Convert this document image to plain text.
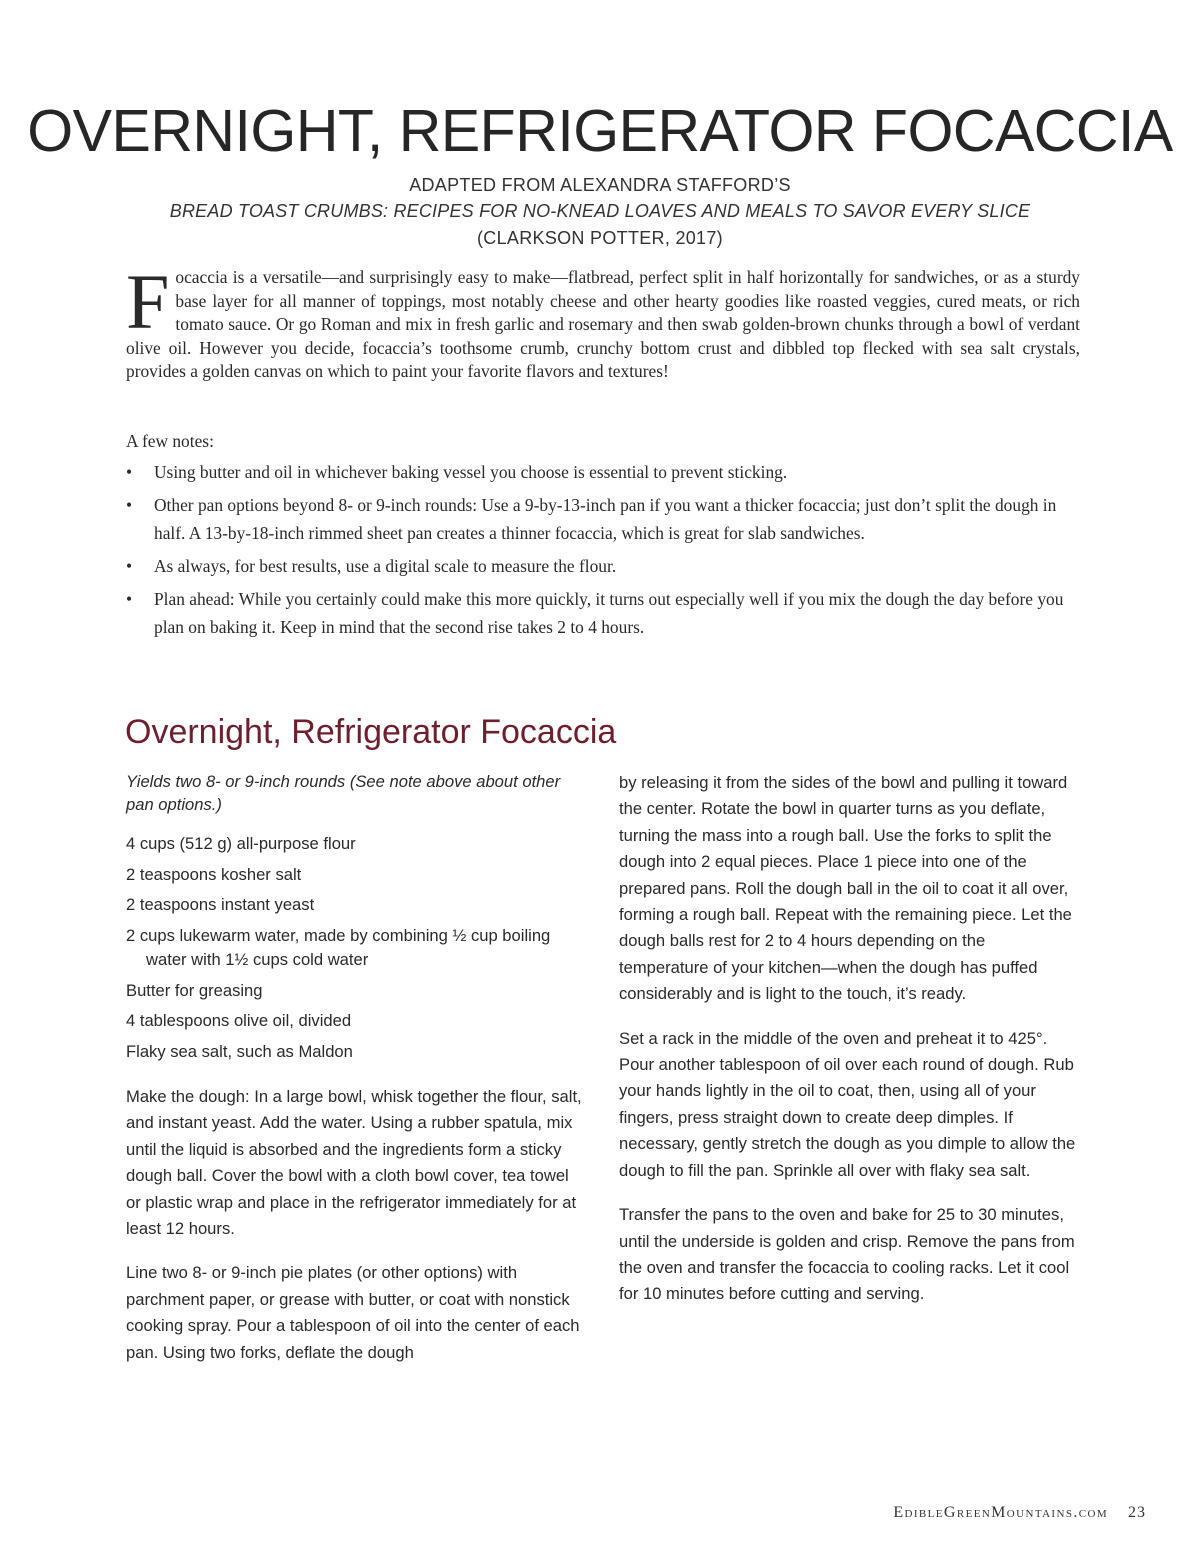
OVERNIGHT, REFRIGERATOR FOCACCIA

ADAPTED FROM ALEXANDRA STAFFORD’S

BREAD TOAST CRUMBS: RECIPES FOR NO-KNEAD LOAVES AND MEALS TO SAVOR EVERY SLICE

(CLARKSON POTTER, 2017)

F ocaccia is a versatile—and surprisingly easy to make—flatbread, perfect split in half horizontally for sandwiches, or as a sturdy base layer for all manner of toppings, most notably cheese and other hearty goodies like roasted veggies, cured meats, or rich tomato sauce. Or go Roman and mix in fresh garlic and rosemary and then swab golden-brown chunks through a bowl of verdant olive oil. However you decide, focaccia’s toothsome crumb, crunchy bottom crust and dibbled top flecked with sea salt crystals, provides a golden canvas on which to paint your favorite flavors and textures!

A few notes:

• Using butter and oil in whichever baking vessel you choose is essential to prevent sticking.
• Other pan options beyond 8- or 9-inch rounds: Use a 9-by-13-inch pan if you want a thicker focaccia; just don’t split the dough in half. A 13-by-18-inch rimmed sheet pan creates a thinner focaccia, which is great for slab sandwiches.
• As always, for best results, use a digital scale to measure the flour.
• Plan ahead: While you certainly could make this more quickly, it turns out especially well if you mix the dough the day before you plan on baking it. Keep in mind that the second rise takes 2 to 4 hours.
Overnight, Refrigerator Focaccia

Yields two 8- or 9-inch rounds (See note above about other pan options.)

4 cups (512 g) all-purpose flour

2 teaspoons kosher salt

2 teaspoons instant yeast

2 cups lukewarm water, made by combining ½ cup boiling water with 1½ cups cold water

Butter for greasing

4 tablespoons olive oil, divided

Flaky sea salt, such as Maldon

Make the dough: In a large bowl, whisk together the flour, salt, and instant yeast. Add the water. Using a rubber spatula, mix until the liquid is absorbed and the ingredients form a sticky dough ball. Cover the bowl with a cloth bowl cover, tea towel or plastic wrap and place in the refrigerator immediately for at least 12 hours.

Line two 8- or 9-inch pie plates (or other options) with parchment paper, or grease with butter, or coat with nonstick cooking spray. Pour a tablespoon of oil into the center of each pan. Using two forks, deflate the dough

by releasing it from the sides of the bowl and pulling it toward the center. Rotate the bowl in quarter turns as you deflate, turning the mass into a rough ball. Use the forks to split the dough into 2 equal pieces. Place 1 piece into one of the prepared pans. Roll the dough ball in the oil to coat it all over, forming a rough ball. Repeat with the remaining piece. Let the dough balls rest for 2 to 4 hours depending on the temperature of your kitchen—when the dough has puffed considerably and is light to the touch, it’s ready.

Set a rack in the middle of the oven and preheat it to 425°. Pour another tablespoon of oil over each round of dough. Rub your hands lightly in the oil to coat, then, using all of your fingers, press straight down to create deep dimples. If necessary, gently stretch the dough as you dimple to allow the dough to fill the pan. Sprinkle all over with flaky sea salt.

Transfer the pans to the oven and bake for 25 to 30 minutes, until the underside is golden and crisp. Remove the pans from the oven and transfer the focaccia to cooling racks. Let it cool for 10 minutes before cutting and serving.

EdibleGreenMountains.com 23
